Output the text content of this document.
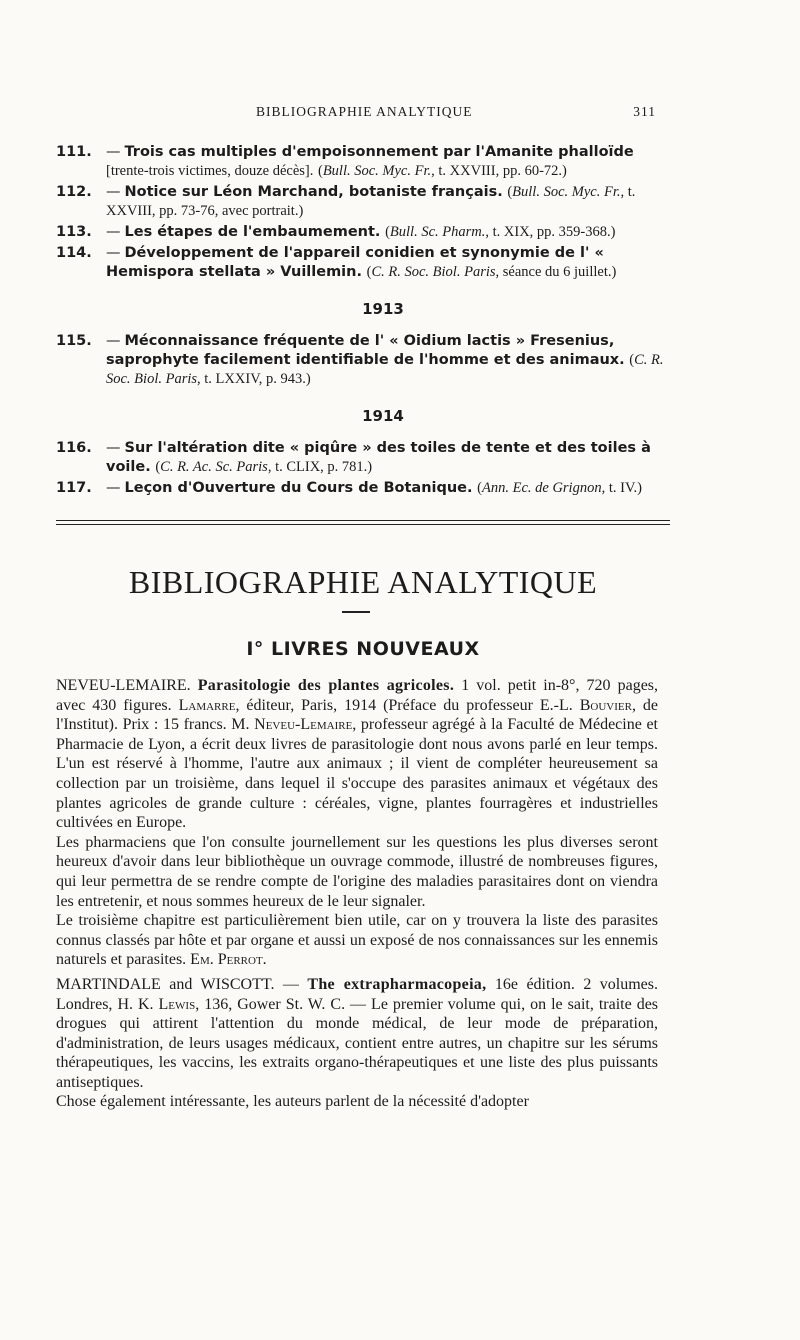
BIBLIOGRAPHIE ANALYTIQUE	311
111. — Trois cas multiples d'empoisonnement par l'Amanite phalloïde [trente-trois victimes, douze décès]. (Bull. Soc. Myc. Fr., t. XXVIII, pp. 60-72.)
112. — Notice sur Léon Marchand, botaniste français. (Bull. Soc. Myc. Fr., t. XXVIII, pp. 73-76, avec portrait.)
113. — Les étapes de l'embaumement. (Bull. Sc. Pharm., t. XIX, pp. 359-368.)
114. — Développement de l'appareil conidien et synonymie de l' « Hemispora stellata » Vuillemin. (C. R. Soc. Biol. Paris, séance du 6 juillet.)
1913
115. — Méconnaissance fréquente de l' « Oidium lactis » Fresenius, saprophyte facilement identifiable de l'homme et des animaux. (C. R. Soc. Biol. Paris, t. LXXIV, p. 943.)
1914
116. — Sur l'altération dite « piqûre » des toiles de tente et des toiles à voile. (C. R. Ac. Sc. Paris, t. CLIX, p. 781.)
117. — Leçon d'Ouverture du Cours de Botanique. (Ann. Ec. de Grignon, t. IV.)
BIBLIOGRAPHIE ANALYTIQUE
I° LIVRES NOUVEAUX

NEVEU-LEMAIRE. Parasitologie des plantes agricoles. 1 vol. petit in-8°, 720 pages, avec 430 figures. Lamarre, éditeur, Paris, 1914 (Préface du professeur E.-L. Bouvier, de l'Institut). Prix : 15 francs. M. Neveu-Lemaire, professeur agrégé à la Faculté de Médecine et Pharmacie de Lyon, a écrit deux livres de parasitologie dont nous avons parlé en leur temps. L'un est réservé à l'homme, l'autre aux animaux ; il vient de compléter heureusement sa collection par un troisième, dans lequel il s'occupe des parasites animaux et végétaux des plantes agricoles de grande culture : céréales, vigne, plantes fourragères et industrielles cultivées en Europe.

Les pharmaciens que l'on consulte journellement sur les questions les plus diverses seront heureux d'avoir dans leur bibliothèque un ouvrage commode, illustré de nombreuses figures, qui leur permettra de se rendre compte de l'origine des maladies parasitaires dont on viendra les entretenir, et nous sommes heureux de le leur signaler.

Le troisième chapitre est particulièrement bien utile, car on y trouvera la liste des parasites connus classés par hôte et par organe et aussi un exposé de nos connaissances sur les ennemis naturels et parasites. Em. Perrot.

MARTINDALE and WISCOTT. — The extrapharmacopeia, 16e édition. 2 volumes. Londres, H. K. Lewis, 136, Gower St. W. C. — Le premier volume qui, on le sait, traite des drogues qui attirent l'attention du monde médical, de leur mode de préparation, d'administration, de leurs usages médicaux, contient entre autres, un chapitre sur les sérums thérapeutiques, les vaccins, les extraits organo-thérapeutiques et une liste des plus puissants antiseptiques.

Chose également intéressante, les auteurs parlent de la nécessité d'adopter
